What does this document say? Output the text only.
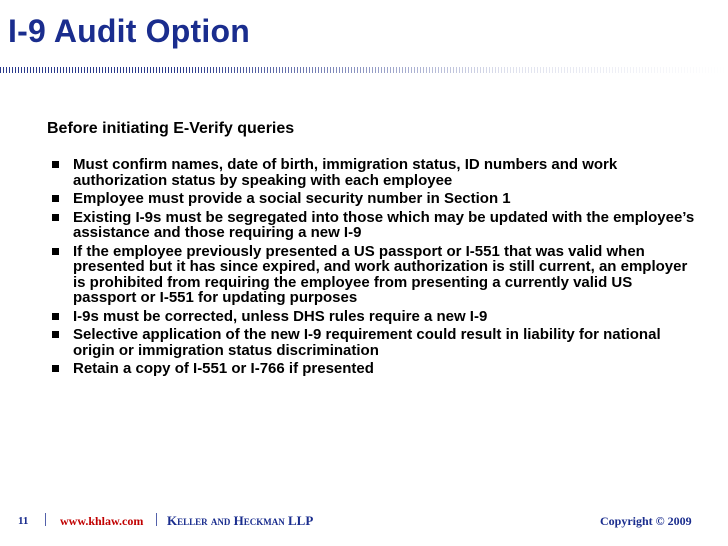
I-9 Audit Option

Before initiating E-Verify queries

Must confirm names, date of birth, immigration status, ID numbers and work authorization status by speaking with each employee
Employee must provide a social security number in Section 1
Existing I-9s must be segregated into those which may be updated with the employee’s assistance and those requiring a new I-9
If the employee previously presented a US passport or I-551 that was valid when presented but it has since expired, and work authorization is still current, an employer is prohibited from requiring the employee from presenting a currently valid US passport or I-551 for updating purposes
I-9s must be corrected, unless DHS rules require a new I-9
Selective application of the new I-9 requirement could result in liability for national origin or immigration status discrimination
Retain a copy of I-551 or I-766 if presented
11 | www.khlaw.com | Keller and Heckman LLP	Copyright © 2009
